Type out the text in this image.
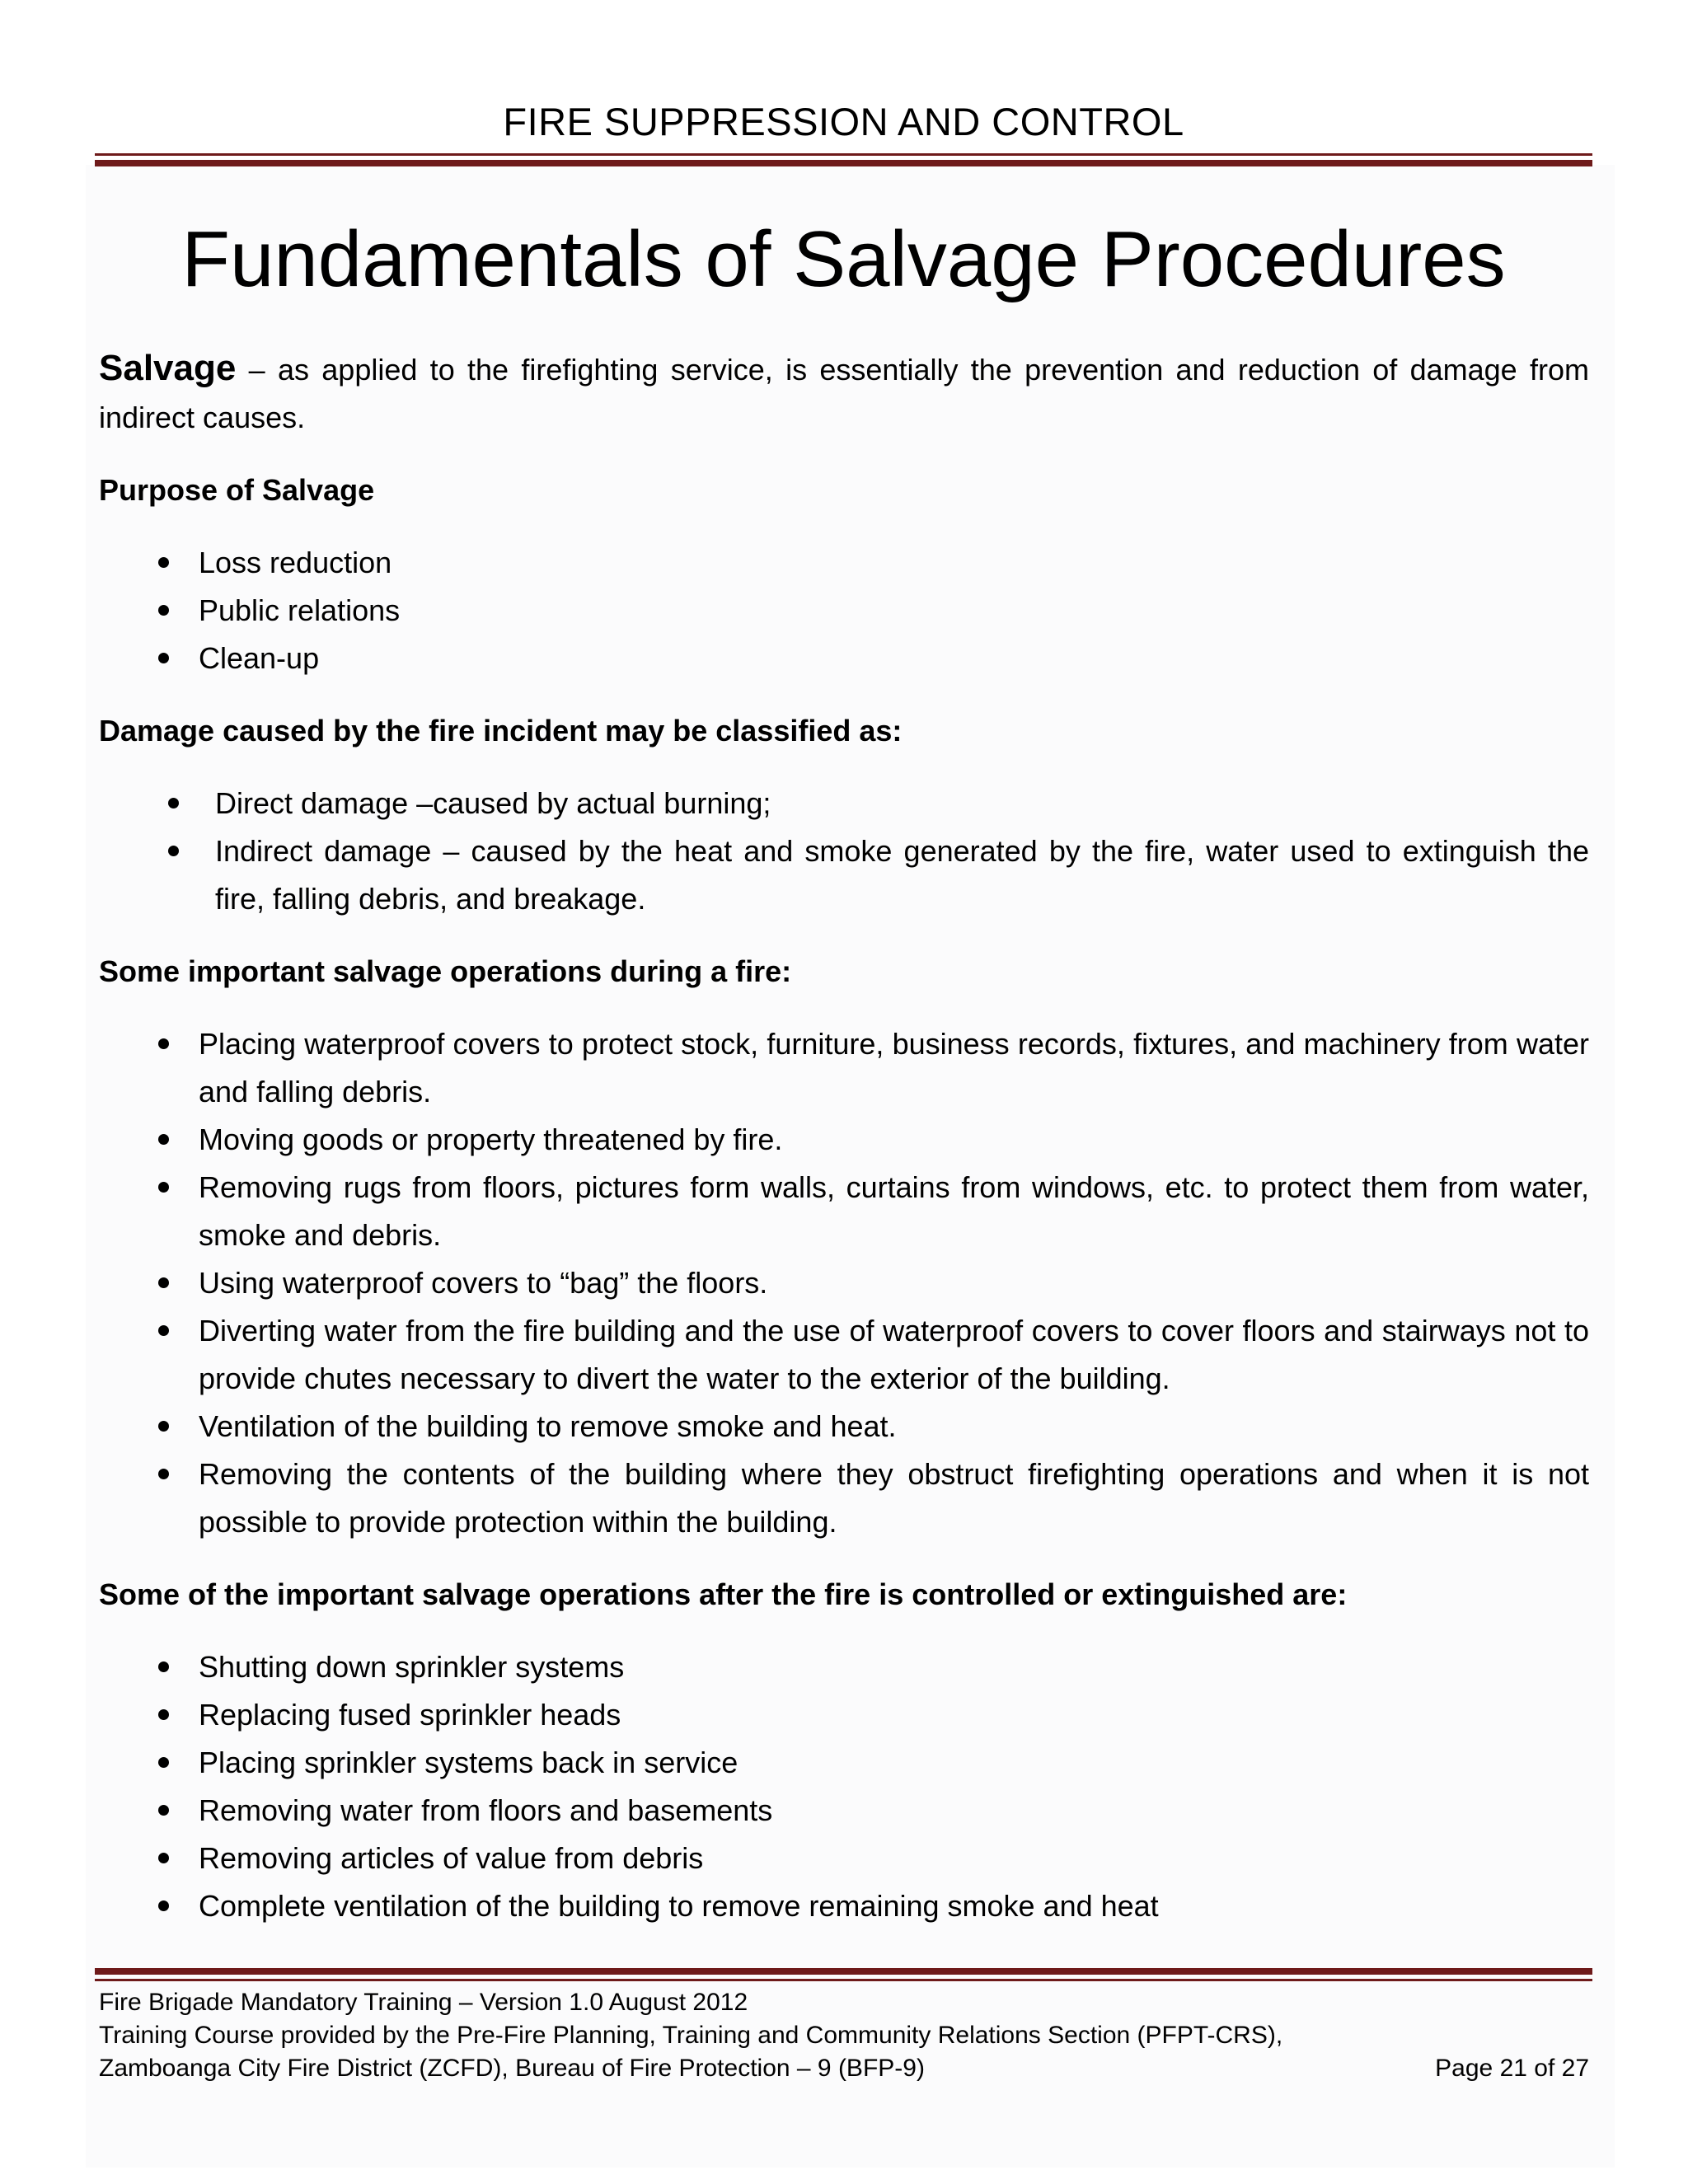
FIRE SUPPRESSION AND CONTROL
Fundamentals of Salvage Procedures

Salvage – as applied to the firefighting service, is essentially the prevention and reduction of damage from indirect causes.

Purpose of Salvage
Loss reduction
Public relations
Clean-up
Damage caused by the fire incident may be classified as:
Direct damage –caused by actual burning;
Indirect damage – caused by the heat and smoke generated by the fire, water used to extinguish the fire, falling debris, and breakage.
Some important salvage operations during a fire:
Placing waterproof covers to protect stock, furniture, business records, fixtures, and machinery from water and falling debris.
Moving goods or property threatened by fire.
Removing rugs from floors, pictures form walls, curtains from windows, etc. to protect them from water, smoke and debris.
Using waterproof covers to “bag” the floors.
Diverting water from the fire building and the use of waterproof covers to cover floors and stairways not to provide chutes necessary to divert the water to the exterior of the building.
Ventilation of the building to remove smoke and heat.
Removing the contents of the building where they obstruct firefighting operations and when it is not possible to provide protection within the building.
Some of the important salvage operations after the fire is controlled or extinguished are:
Shutting down sprinkler systems
Replacing fused sprinkler heads
Placing sprinkler systems back in service
Removing water from floors and basements
Removing articles of value from debris
Complete ventilation of the building to remove remaining smoke and heat
Fire Brigade Mandatory Training – Version 1.0 August 2012
Training Course provided by the Pre-Fire Planning, Training and Community Relations Section (PFPT-CRS),
Zamboanga City Fire District (ZCFD), Bureau of Fire Protection – 9 (BFP-9)	Page 21 of 27
